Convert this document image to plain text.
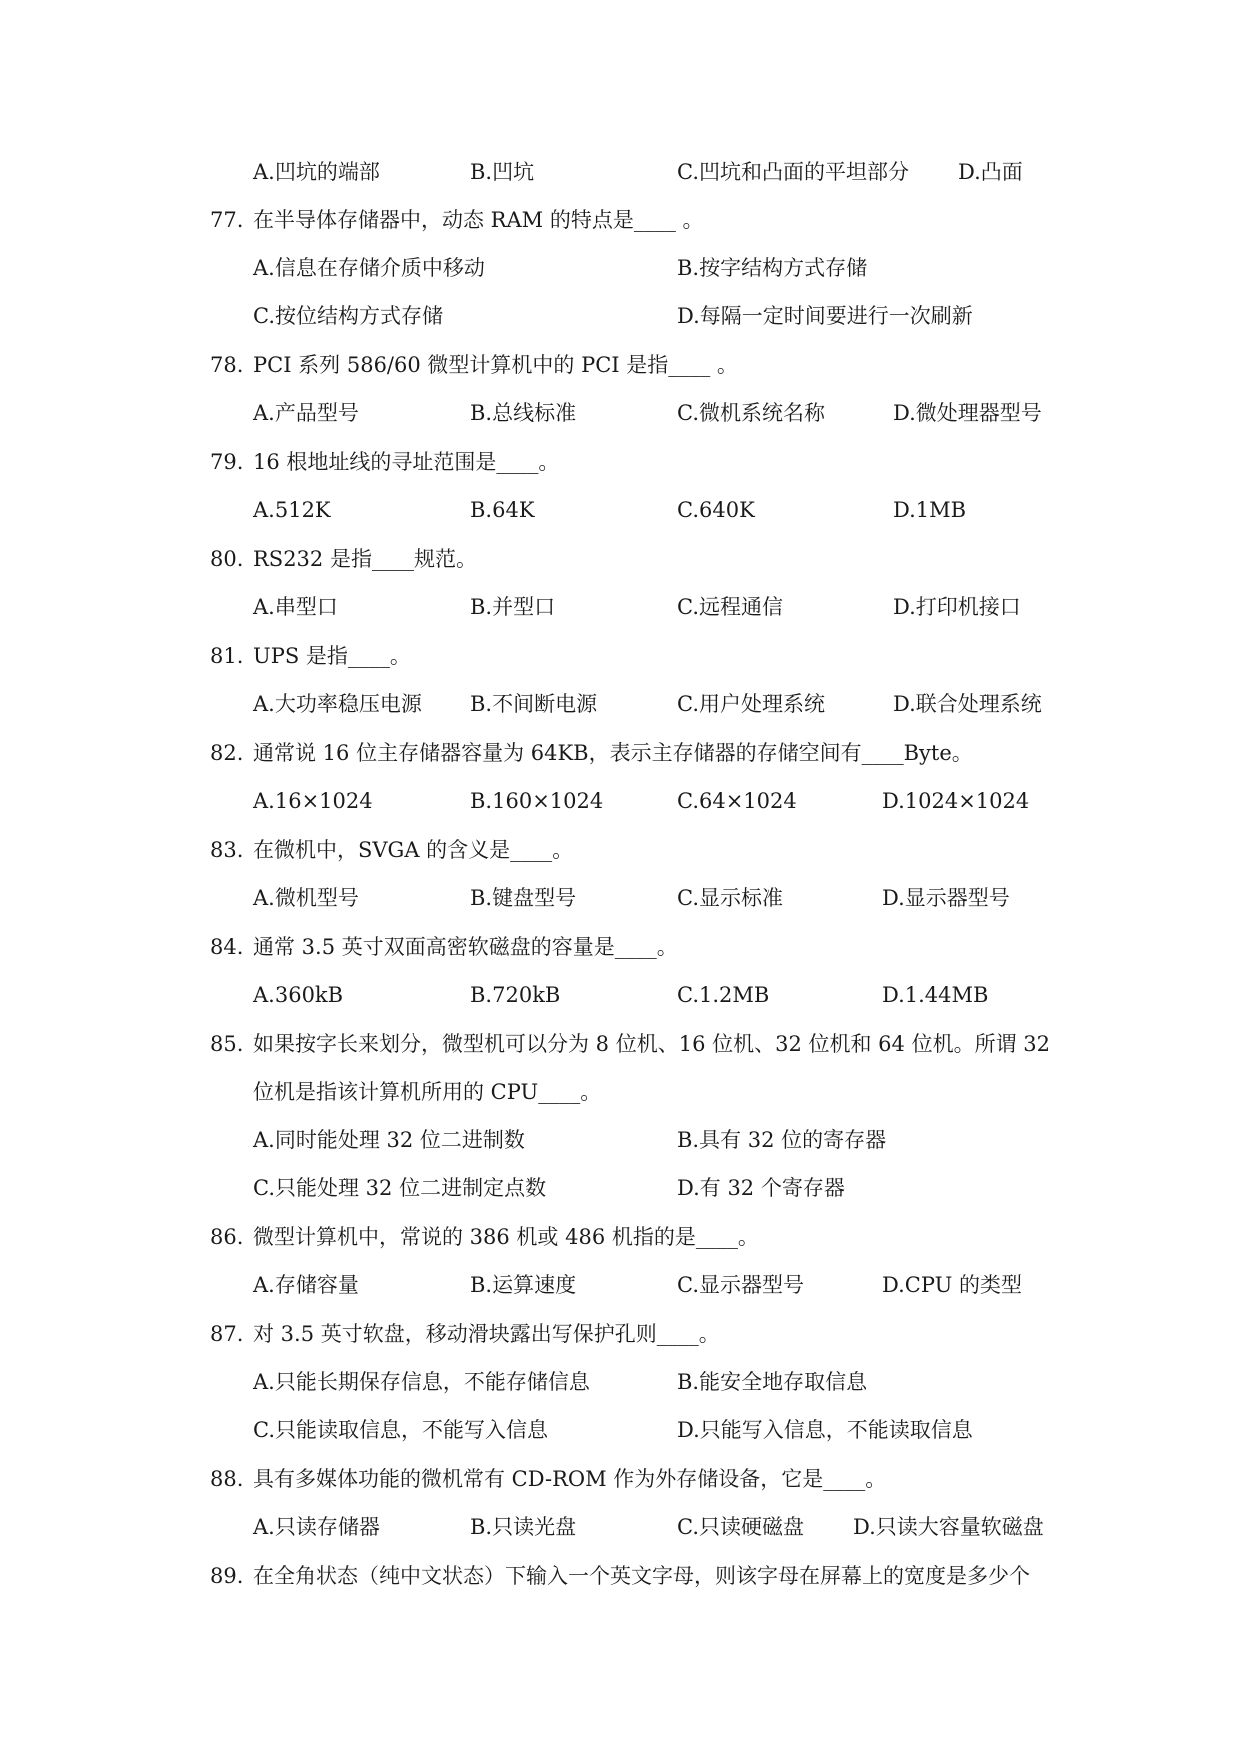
A.凹坑的端部	B.凹坑	C.凹坑和凸面的平坦部分 D.凸面
77. 在半导体存储器中，动态 RAM 的特点是____ 。
A.信息在存储介质中移动	B.按字结构方式存储
C.按位结构方式存储	D.每隔一定时间要进行一次刷新
78. PCI 系列 586/60 微型计算机中的 PCI 是指____ 。
A.产品型号	B.总线标准	C.微机系统名称	D.微处理器型号
79. 16 根地址线的寻址范围是____。
A.512K	B.64K	C.640K	D.1MB
80. RS232 是指____规范。
A.串型口	B.并型口	C.远程通信	D.打印机接口
81. UPS 是指____。
A.大功率稳压电源 B.不间断电源	C.用户处理系统	D.联合处理系统
82. 通常说 16 位主存储器容量为 64KB，表示主存储器的存储空间有____Byte。
A.16×1024	B.160×1024	C.64×1024	D.1024×1024
83. 在微机中，SVGA 的含义是____。
A.微机型号	B.键盘型号	C.显示标准	D.显示器型号
84. 通常 3.5 英寸双面高密软磁盘的容量是____。
A.360kB	B.720kB	C.1.2MB	D.1.44MB
85. 如果按字长来划分，微型机可以分为 8 位机、16 位机、32 位机和 64 位机。所谓 32
位机是指该计算机所用的 CPU____。
A.同时能处理 32 位二进制数	B.具有 32 位的寄存器
C.只能处理 32 位二进制定点数	D.有 32 个寄存器
86. 微型计算机中，常说的 386 机或 486 机指的是____。
A.存储容量	B.运算速度	C.显示器型号	D.CPU 的类型
87. 对 3.5 英寸软盘，移动滑块露出写保护孔则____。
A.只能长期保存信息，不能存储信息	B.能安全地存取信息
C.只能读取信息，不能写入信息	D.只能写入信息，不能读取信息
88. 具有多媒体功能的微机常有 CD-ROM 作为外存储设备，它是____。
A.只读存储器	B.只读光盘	C.只读硬磁盘 D.只读大容量软磁盘
89. 在全角状态（纯中文状态）下输入一个英文字母，则该字母在屏幕上的宽度是多少个
